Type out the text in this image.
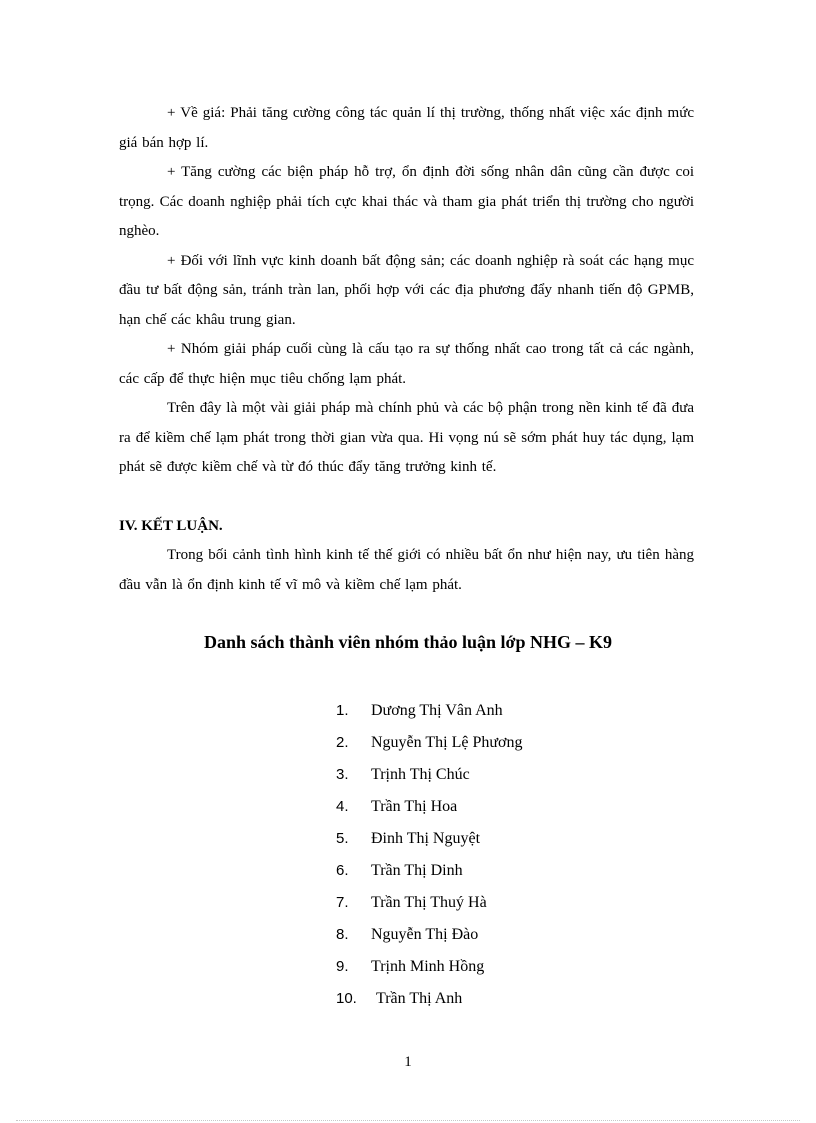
+ Về giá: Phải tăng cường công tác quản lí thị trường, thống nhất việc xác định mức giá bán hợp lí.

+ Tăng cường các biện pháp hỗ trợ, ổn định đời sống nhân dân cũng cần được coi trọng. Các doanh nghiệp phải tích cực khai thác và tham gia phát triển thị trường cho người nghèo.

+ Đối với lĩnh vực kinh doanh bất động sản; các doanh nghiệp rà soát các hạng mục đầu tư bất động sản, tránh tràn lan, phối hợp với các địa phương đẩy nhanh tiến độ GPMB, hạn chế các khâu trung gian.

+ Nhóm giải pháp cuối cùng là cấu tạo ra sự thống nhất cao trong tất cả các ngành, các cấp để thực hiện mục tiêu chống lạm phát.

Trên đây là một vài giải pháp mà chính phủ và các bộ phận trong nền kinh tế đã đưa ra để kiềm chế lạm phát trong thời gian vừa qua. Hi vọng nú sẽ sớm phát huy tác dụng, lạm phát sẽ được kiềm chế và từ đó thúc đẩy tăng trưởng kinh tế.

IV. KẾT LUẬN.

Trong bối cảnh tình hình kinh tế thế giới có nhiều bất ổn như hiện nay, ưu tiên hàng đầu vẫn là ổn định kinh tế vĩ mô và kiềm chế lạm phát.

Danh sách thành viên nhóm thảo luận lớp NHG – K9
1.	Dương Thị Vân Anh
2.	Nguyễn Thị Lệ Phương
3.	Trịnh Thị Chúc
4.	Trần Thị Hoa
5.	Đinh Thị Nguyệt
6.	Trần Thị Dinh
7.	Trần Thị Thuý Hà
8.	Nguyễn Thị Đào
9.	Trịnh Minh Hồng
10.	Trần Thị Anh
1
